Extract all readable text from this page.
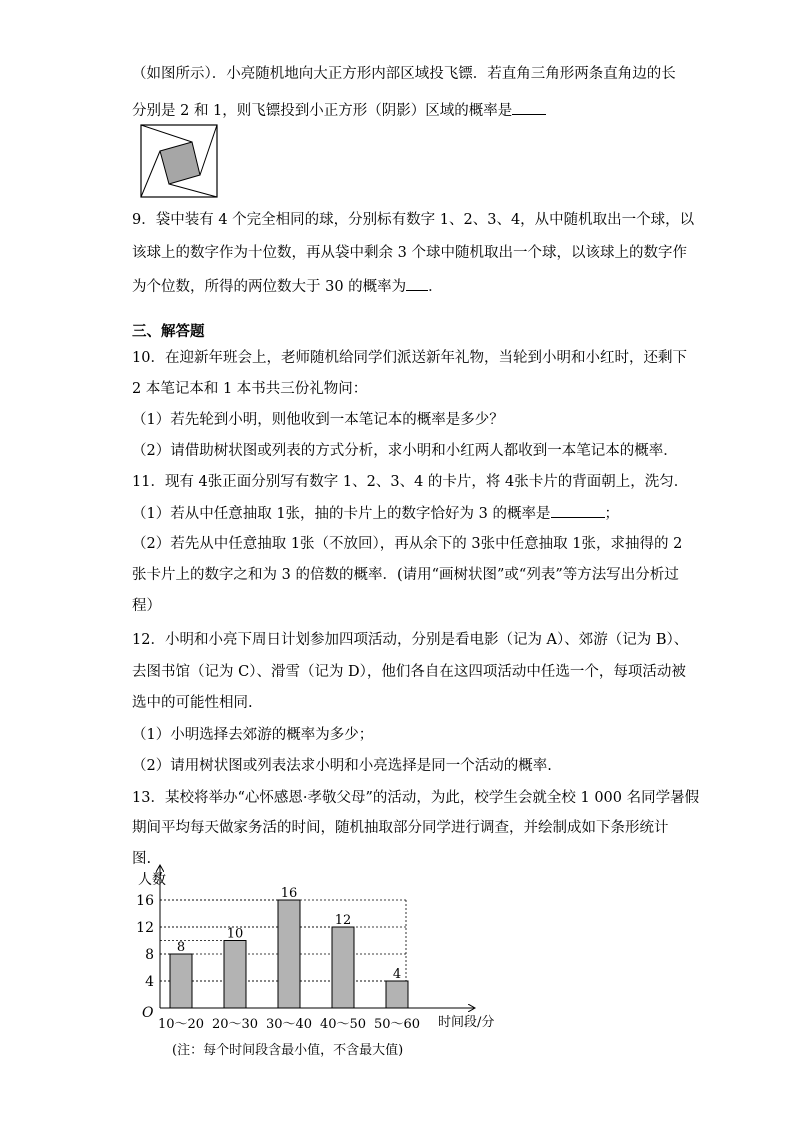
（如图所示）．小亮随机地向大正方形内部区域投飞镖．若直角三角形两条直角边的长
分别是 2 和 1，则飞镖投到小正方形（阴影）区域的概率是
9．袋中装有 4 个完全相同的球，分别标有数字 1、2、3、4，从中随机取出一个球，以
该球上的数字作为十位数，再从袋中剩余 3 个球中随机取出一个球，以该球上的数字作
为个位数，所得的两位数大于 30 的概率为 ．
三、解答题
10．在迎新年班会上，老师随机给同学们派送新年礼物，当轮到小明和小红时，还剩下
2 本笔记本和 1 本书共三份礼物问：
（1）若先轮到小明，则他收到一本笔记本的概率是多少？
（2）请借助树状图或列表的方式分析，求小明和小红两人都收到一本笔记本的概率．
11．现有 4张正面分别写有数字 1、2、3、4 的卡片，将 4张卡片的背面朝上，洗匀．
（1）若从中任意抽取 1张，抽的卡片上的数字恰好为 3 的概率是	；
（2）若先从中任意抽取 1张（不放回），再从余下的 3张中任意抽取 1张，求抽得的 2
张卡片上的数字之和为 3 的倍数的概率．(请用“画树状图”或“列表”等方法写出分析过
程）
12．小明和小亮下周日计划参加四项活动，分别是看电影（记为 A）、郊游（记为 B）、
去图书馆（记为 C）、滑雪（记为 D），他们各自在这四项活动中任选一个，每项活动被
选中的可能性相同.
（1）小明选择去郊游的概率为多少；
（2）请用树状图或列表法求小明和小亮选择是同一个活动的概率.
13．某校将举办“心怀感恩·孝敬父母”的活动，为此，校学生会就全校 1 000 名同学暑假
期间平均每天做家务活的时间，随机抽取部分同学进行调查，并绘制成如下条形统计
图.
8
10
16
12
4
4
8
12
16
10～20 20～30 30～40 40～50 50～60
人数
时间段/分
O
(注：每个时间段含最小值，不含最大值)
